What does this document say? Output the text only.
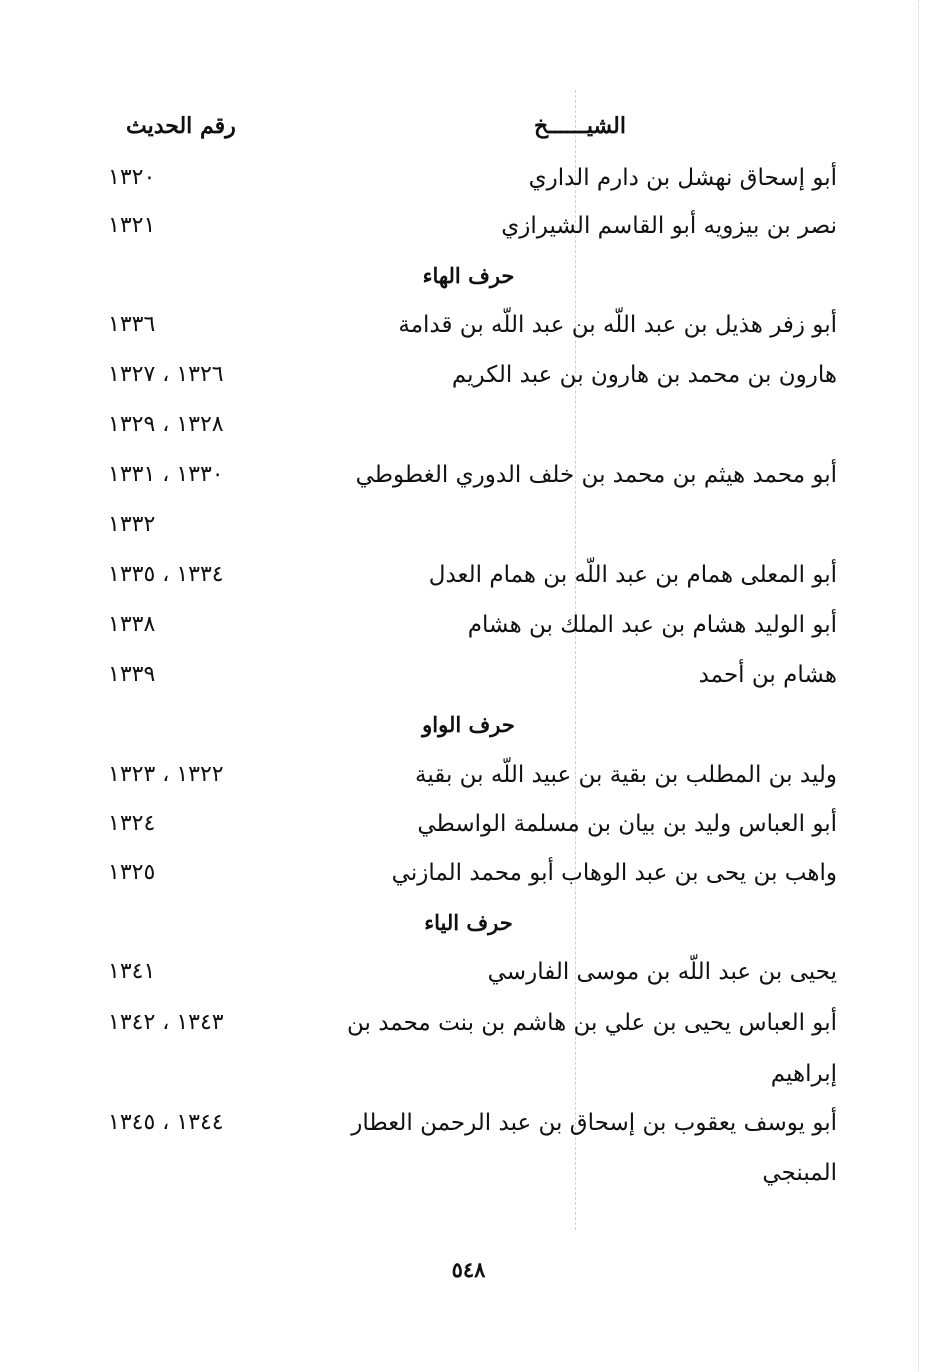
الشيــــــخ
رقم الحديث
أبو إسحاق نهشل بن دارم الداري
١٣٢٠
نصر بن بيزويه أبو القاسم الشيرازي
١٣٢١
حرف الهاء
أبو زفر هذيل بن عبد اللّه بن عبد اللّه بن قدامة
١٣٣٦
هارون بن محمد بن هارون بن عبد الكريم
١٣٢٦ ، ١٣٢٧
١٣٢٨ ، ١٣٢٩
أبو محمد هيثم بن محمد بن خلف الدوري الغطوطي
١٣٣٠ ، ١٣٣١
١٣٣٢
أبو المعلى همام بن عبد اللّه بن همام العدل
١٣٣٤ ، ١٣٣٥
أبو الوليد هشام بن عبد الملك بن هشام
١٣٣٨
هشام بن أحمد
١٣٣٩
حرف الواو
وليد بن المطلب بن بقية بن عبيد اللّه بن بقية
١٣٢٢ ، ١٣٢٣
أبو العباس وليد بن بيان بن مسلمة الواسطي
١٣٢٤
واهب بن يحى بن عبد الوهاب أبو محمد المازني
١٣٢٥
حرف الياء
يحيى بن عبد اللّه بن موسى الفارسي
١٣٤١
أبو العباس يحيى بن علي بن هاشم بن بنت محمد بن
١٣٤٣ ، ١٣٤٢
إبراهيم
أبو يوسف يعقوب بن إسحاق بن عبد الرحمن العطار
١٣٤٤ ، ١٣٤٥
المبنجي
٥٤٨
